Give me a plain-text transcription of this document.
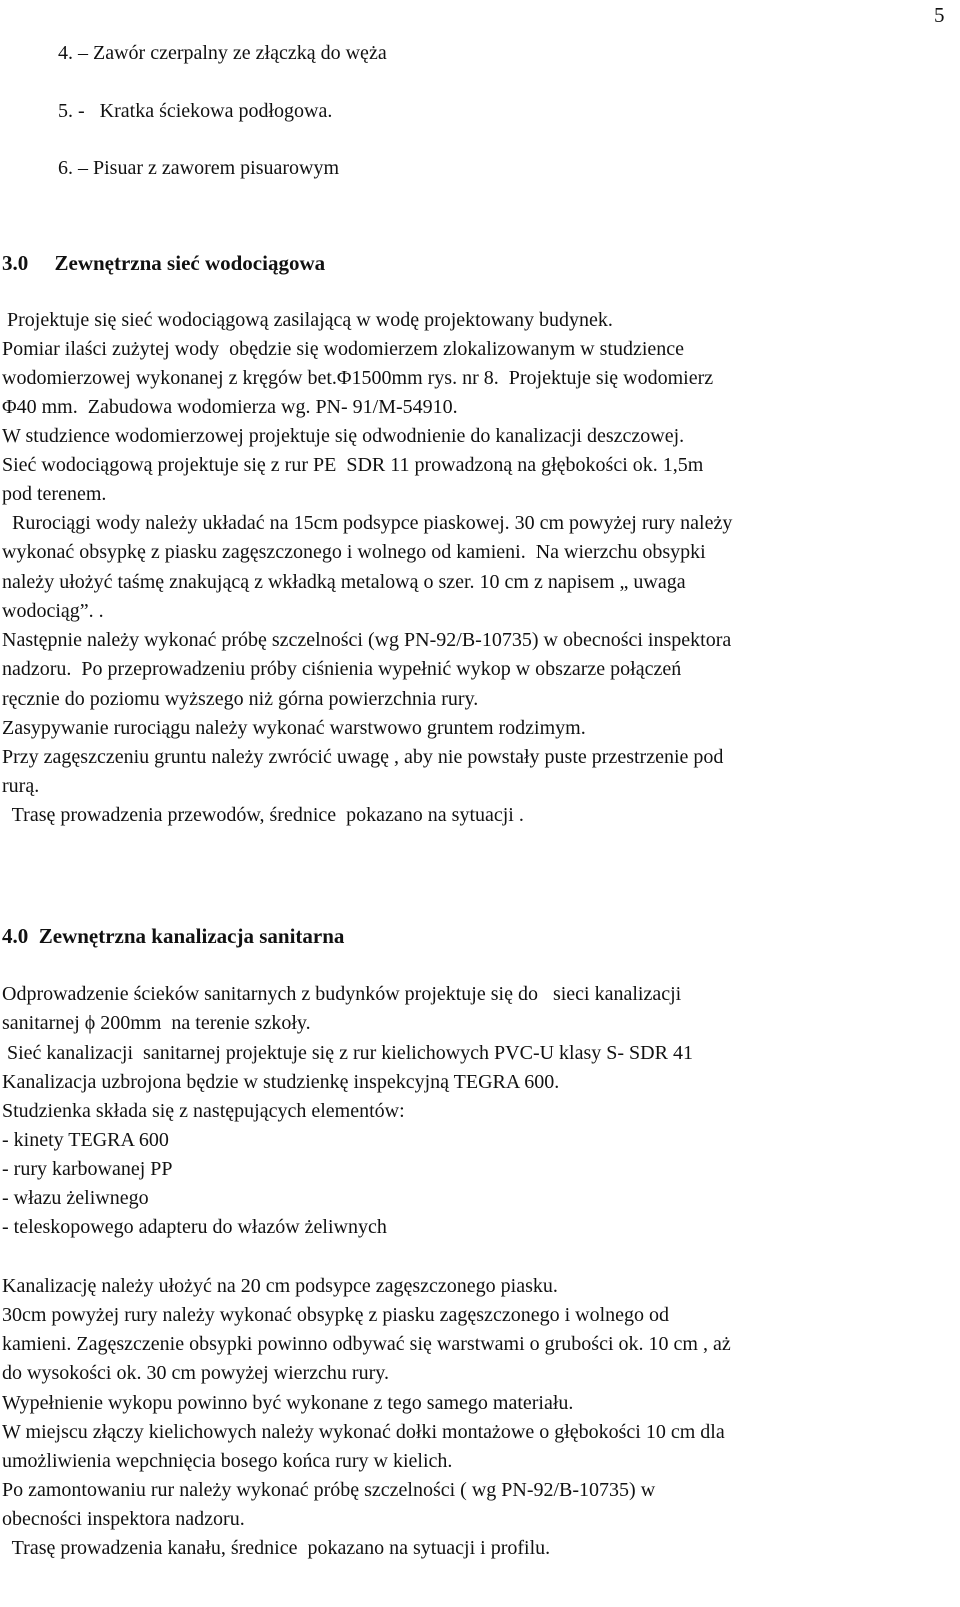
5
4. – Zawór czerpalny ze złączką do węża
5. -   Kratka ściekowa podłogowa.
6. – Pisuar z zaworem pisuarowym
3.0     Zewnętrzna sieć wodociągowa
Projektuje się sieć wodociągową zasilającą w wodę projektowany budynek.
Pomiar ilaści zużytej wody  obędzie się wodomierzem zlokalizowanym w studzience
wodomierzowej wykonanej z kręgów bet.Φ1500mm rys. nr 8.  Projektuje się wodomierz
Φ40 mm.  Zabudowa wodomierza wg. PN- 91/M-54910.
W studzience wodomierzowej projektuje się odwodnienie do kanalizacji deszczowej.
Sieć wodociągową projektuje się z rur PE  SDR 11 prowadzoną na głębokości ok. 1,5m
pod terenem.
Rurociągi wody należy układać na 15cm podsypce piaskowej. 30 cm powyżej rury należy
wykonać obsypkę z piasku zagęszczonego i wolnego od kamieni.  Na wierzchu obsypki
należy ułożyć taśmę znakującą z wkładką metalową o szer. 10 cm z napisem „ uwaga
wodociąg”. .
Następnie należy wykonać próbę szczelności (wg PN-92/B-10735) w obecności inspektora
nadzoru.  Po przeprowadzeniu próby ciśnienia wypełnić wykop w obszarze połączeń
ręcznie do poziomu wyższego niż górna powierzchnia rury.
Zasypywanie rurociągu należy wykonać warstwowo gruntem rodzimym.
Przy zagęszczeniu gruntu należy zwrócić uwagę , aby nie powstały puste przestrzenie pod
rurą.
Trasę prowadzenia przewodów, średnice  pokazano na sytuacji .
4.0  Zewnętrzna kanalizacja sanitarna
Odprowadzenie ścieków sanitarnych z budynków projektuje się do   sieci kanalizacji
sanitarnej ϕ 200mm  na terenie szkoły.
Sieć kanalizacji  sanitarnej projektuje się z rur kielichowych PVC-U klasy S- SDR 41
Kanalizacja uzbrojona będzie w studzienkę inspekcyjną TEGRA 600.
Studzienka składa się z następujących elementów:
- kinety TEGRA 600
- rury karbowanej PP
- włazu żeliwnego
- teleskopowego adapteru do włazów żeliwnych
Kanalizację należy ułożyć na 20 cm podsypce zagęszczonego piasku.
30cm powyżej rury należy wykonać obsypkę z piasku zagęszczonego i wolnego od
kamieni. Zagęszczenie obsypki powinno odbywać się warstwami o grubości ok. 10 cm , aż
do wysokości ok. 30 cm powyżej wierzchu rury.
Wypełnienie wykopu powinno być wykonane z tego samego materiału.
W miejscu złączy kielichowych należy wykonać dołki montażowe o głębokości 10 cm dla
umożliwienia wepchnięcia bosego końca rury w kielich.
Po zamontowaniu rur należy wykonać próbę szczelności ( wg PN-92/B-10735) w
obecności inspektora nadzoru.
Trasę prowadzenia kanału, średnice  pokazano na sytuacji i profilu.
